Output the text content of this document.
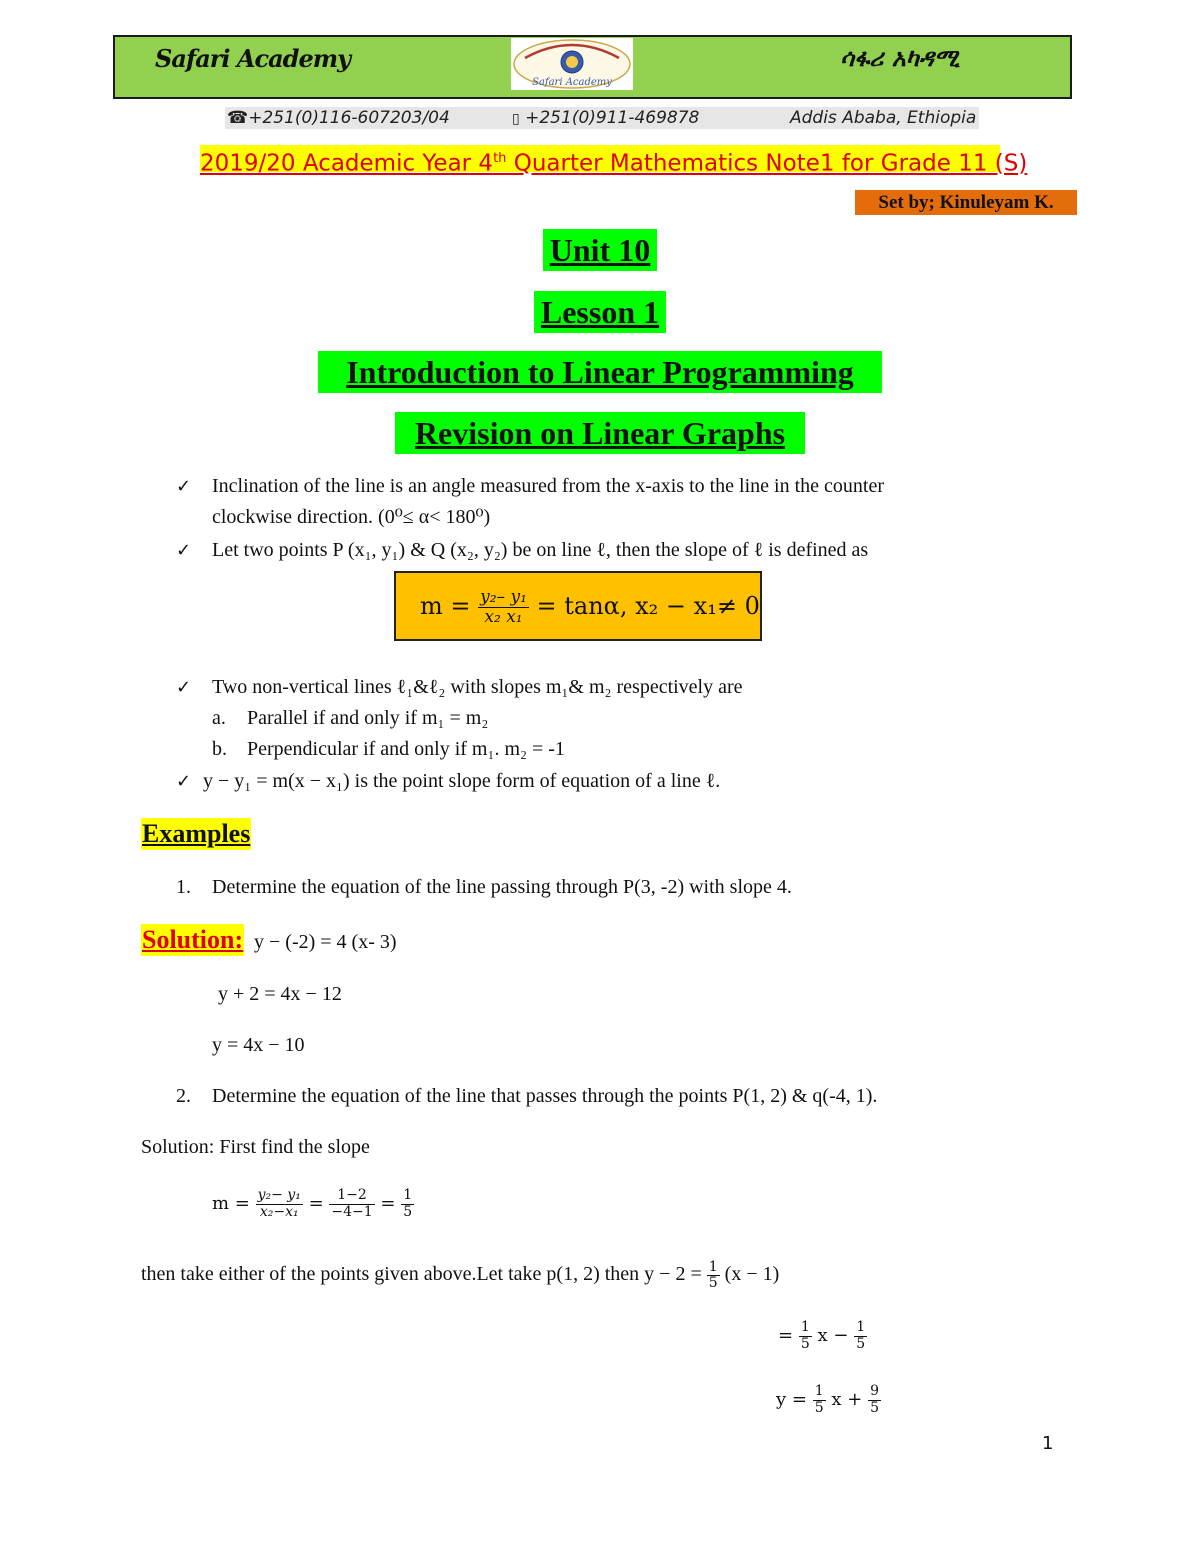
Safari Academy	ሳፋሪ አካዳሚ
Safari Academy
☎+251(0)116-607203/04	▯ +251(0)911-469878	Addis Ababa, Ethiopia
2019/20 Academic Year 4th Quarter Mathematics Note1 for Grade 11 (S)
Set by; Kinuleyam K.
Unit 10
Lesson 1
Introduction to Linear Programming
Revision on Linear Graphs
✓ Inclination of the line is an angle measured from the x-axis to the line in the counter
clockwise direction. (0⁰≤ α< 180⁰)
✓ Let two points P (x₁, y₁) & Q (x₂, y₂) be on line ℓ, then the slope of ℓ is defined as
$m = \frac{\text{y₂– y₁}}{\text{x₂ x₁}} = \tan\alpha$, x₂ − x₁≠ 0
✓ Two non-vertical lines ℓ₁&ℓ₂ with slopes m₁& m₂ respectively are
a. Parallel if and only if m₁ = m₂
b. Perpendicular if and only if m₁. m₂ = -1
✓ y − y₁ = m(x − x₁) is the point slope form of equation of a line ℓ.
Examples
1. Determine the equation of the line passing through P(3, -2) with slope 4.
Solution: y − (-2) = 4 (x- 3)
y + 2 = 4x − 12
y = 4x − 10
2. Determine the equation of the line that passes through the points P(1, 2) & q(-4, 1).
Solution: First find the slope
$m = \frac{\text{y₂− y₁}}{\text{x₂−x₁}} = \frac{1-2}{-4-1} = \frac{1}{5}$
then take either of the points given above.Let take p(1, 2) then $y - 2 = \frac{1}{5} (x - 1)$
= $\frac{1}{5}$ $x - \frac{1}{5}$
$y = \frac{1}{5}$ $x + \frac{9}{5}$
1
